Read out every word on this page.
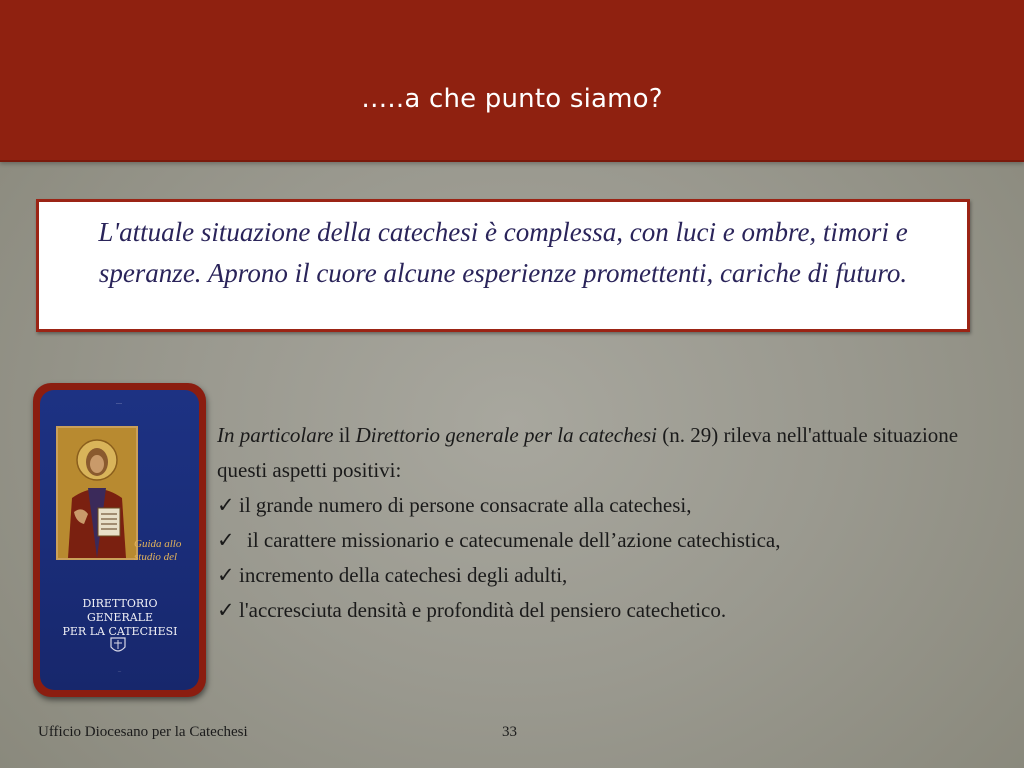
…..a che punto siamo?
L'attuale situazione della catechesi è complessa, con luci e ombre, timori e speranze. Aprono il cuore alcune esperienze promettenti, cariche di futuro.
…
Guida allo studio del
DIRETTORIO GENERALE
PER LA CATECHESI
…

In particolare il Direttorio generale per la catechesi (n. 29) rileva nell'attuale situazione questi aspetti positivi:

✓ il grande numero di persone consacrate alla catechesi,
✓ il carattere missionario e catecumenale dell’azione catechistica,
✓ incremento della catechesi degli adulti,
✓ l'accresciuta densità e profondità del pensiero catechetico.
Ufficio Diocesano per la Catechesi	33
